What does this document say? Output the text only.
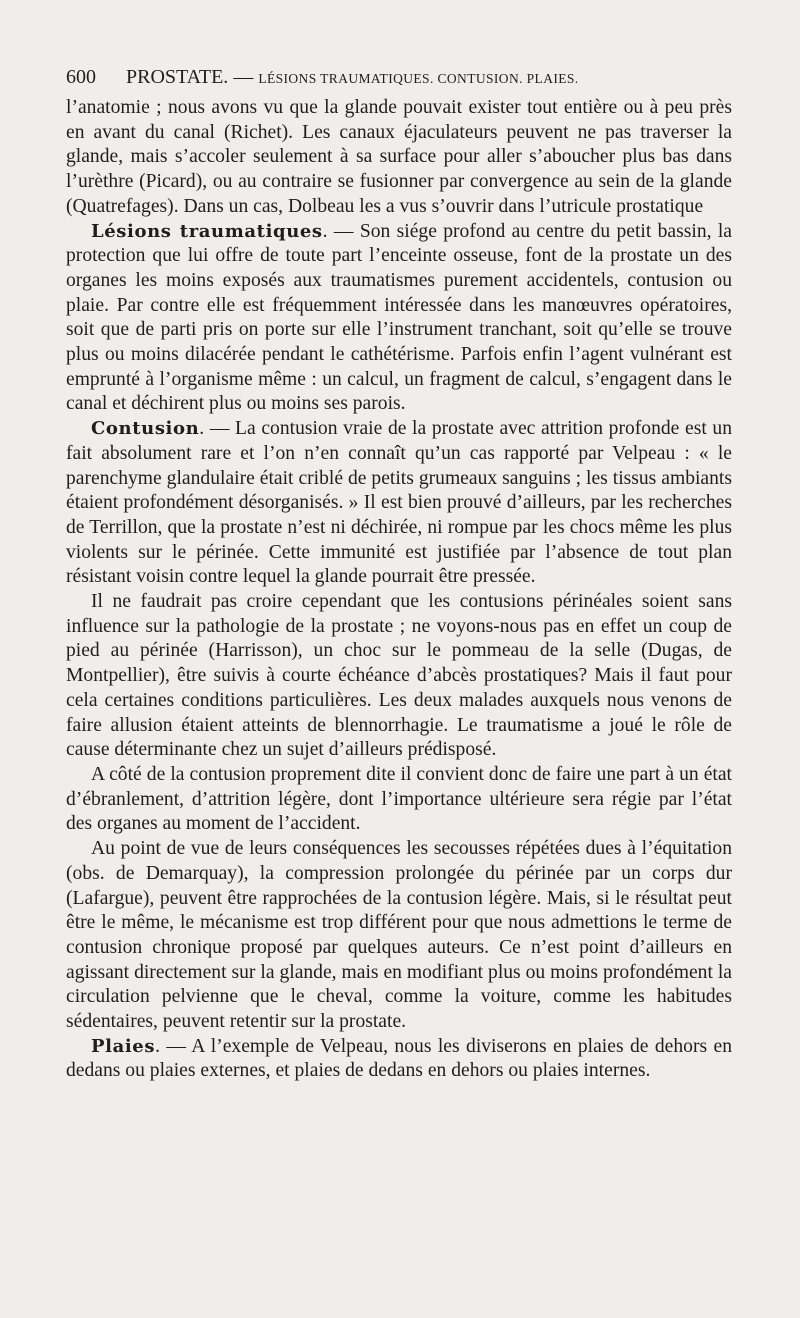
600 PROSTATE. — LÉSIONS TRAUMATIQUES. CONTUSION. PLAIES.

l’anatomie ; nous avons vu que la glande pouvait exister tout entière ou à peu près en avant du canal (Richet). Les canaux éjaculateurs peuvent ne pas traverser la glande, mais s’accoler seulement à sa surface pour aller s’aboucher plus bas dans l’urèthre (Picard), ou au contraire se fusionner par convergence au sein de la glande (Quatrefages). Dans un cas, Dolbeau les a vus s’ouvrir dans l’utricule prostatique

Lésions traumatiques. — Son siége profond au centre du petit bassin, la protection que lui offre de toute part l’enceinte osseuse, font de la prostate un des organes les moins exposés aux traumatismes purement accidentels, contusion ou plaie. Par contre elle est fréquemment intéressée dans les manœuvres opératoires, soit que de parti pris on porte sur elle l’instrument tranchant, soit qu’elle se trouve plus ou moins dilacérée pendant le cathétérisme. Parfois enfin l’agent vulnérant est emprunté à l’organisme même : un calcul, un fragment de calcul, s’engagent dans le canal et déchirent plus ou moins ses parois.

Contusion. — La contusion vraie de la prostate avec attrition profonde est un fait absolument rare et l’on n’en connaît qu’un cas rapporté par Velpeau : « le parenchyme glandulaire était criblé de petits grumeaux sanguins ; les tissus ambiants étaient profondément désorganisés. » Il est bien prouvé d’ailleurs, par les recherches de Terrillon, que la prostate n’est ni déchirée, ni rompue par les chocs même les plus violents sur le périnée. Cette immunité est justifiée par l’absence de tout plan résistant voisin contre lequel la glande pourrait être pressée.

Il ne faudrait pas croire cependant que les contusions périnéales soient sans influence sur la pathologie de la prostate ; ne voyons-nous pas en effet un coup de pied au périnée (Harrisson), un choc sur le pommeau de la selle (Dugas, de Montpellier), être suivis à courte échéance d’abcès prostatiques? Mais il faut pour cela certaines conditions particulières. Les deux malades auxquels nous venons de faire allusion étaient atteints de blennorrhagie. Le traumatisme a joué le rôle de cause déterminante chez un sujet d’ailleurs prédisposé.

A côté de la contusion proprement dite il convient donc de faire une part à un état d’ébranlement, d’attrition légère, dont l’importance ultérieure sera régie par l’état des organes au moment de l’accident.

Au point de vue de leurs conséquences les secousses répétées dues à l’équitation (obs. de Demarquay), la compression prolongée du périnée par un corps dur (Lafargue), peuvent être rapprochées de la contusion légère. Mais, si le résultat peut être le même, le mécanisme est trop différent pour que nous admettions le terme de contusion chronique proposé par quelques auteurs. Ce n’est point d’ailleurs en agissant directement sur la glande, mais en modifiant plus ou moins profondément la circulation pelvienne que le cheval, comme la voiture, comme les habitudes sédentaires, peuvent retentir sur la prostate.

Plaies. — A l’exemple de Velpeau, nous les diviserons en plaies de dehors en dedans ou plaies externes, et plaies de dedans en dehors ou plaies internes.
